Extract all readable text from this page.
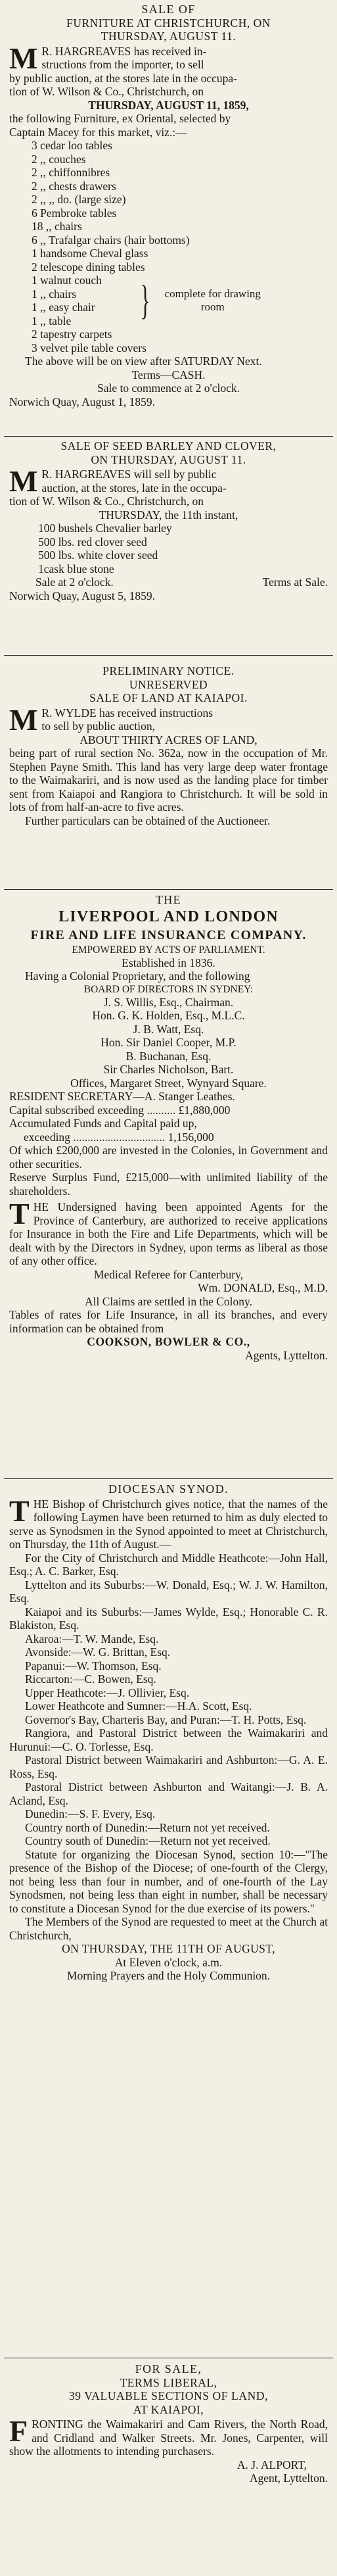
SALE OF

FURNITURE AT CHRISTCHURCH, ON

THURSDAY, AUGUST 11.

M R. HARGREAVES has received in-

structions from the importer, to sell

by public auction, at the stores late in the occupa-

tion of W. Wilson & Co., Christchurch, on

THURSDAY, AUGUST 11, 1859,

the following Furniture, ex Oriental, selected by

Captain Macey for this market, viz.:—

3 cedar loo tables

2 ,, couches

2 ,, chiffonnibres

2 ,, chests drawers

2 ,, ,, do. (large size)

6 Pembroke tables

18 ,, chairs

6 ,, Trafalgar chairs (hair bottoms)

1 handsome Cheval glass

2 telescope dining tables

1 walnut couch

1 ,, chairs

1 ,, easy chair

1 ,, table	}	complete for drawing room

2 tapestry carpets

3 velvet pile table covers

The above will be on view after SATURDAY Next.

Terms—CASH.

Sale to commence at 2 o'clock.

Norwich Quay, August 1, 1859.

SALE OF SEED BARLEY AND CLOVER,

ON THURSDAY, AUGUST 11.

M R. HARGREAVES will sell by public

auction, at the stores, late in the occupa-

tion of W. Wilson & Co., Christchurch, on

THURSDAY, the 11th instant,

100 bushels Chevalier barley

500 lbs. red clover seed

500 lbs. white clover seed

1cask blue stone

Sale at 2 o'clock.	Terms at Sale.

Norwich Quay, August 5, 1859.

PRELIMINARY NOTICE.

UNRESERVED

SALE OF LAND AT KAIAPOI.

M R. WYLDE has received instructions

to sell by public auction,

ABOUT THIRTY ACRES OF LAND,

being part of rural section No. 362a, now in the occupation of Mr. Stephen Payne Smith. This land has very large deep water frontage to the Waimakariri, and is now used as the landing place for timber sent from Kaiapoi and Rangiora to Christchurch. It will be sold in lots of from half-an-acre to five acres.

Further particulars can be obtained of the Auctioneer.

THE

LIVERPOOL AND LONDON

FIRE AND LIFE INSURANCE COMPANY.

EMPOWERED BY ACTS OF PARLIAMENT.

Established in 1836.

Having a Colonial Proprietary, and the following

BOARD OF DIRECTORS IN SYDNEY:

J. S. Willis, Esq., Chairman.

Hon. G. K. Holden, Esq., M.L.C.

J. B. Watt, Esq.

Hon. Sir Daniel Cooper, M.P.

B. Buchanan, Esq.

Sir Charles Nicholson, Bart.

Offices, Margaret Street, Wynyard Square.

RESIDENT SECRETARY—A. Stanger Leathes.

Capital subscribed exceeding .......... £1,880,000

Accumulated Funds and Capital paid up,

exceeding ................................ 1,156,000

Of which £200,000 are invested in the Colonies, in Government and other securities.

Reserve Surplus Fund, £215,000—with unlimited liability of the shareholders.

T HE Undersigned having been appointed Agents for the Province of Canterbury, are authorized to receive applications for Insurance in both the Fire and Life Departments, which will be dealt with by the Directors in Sydney, upon terms as liberal as those of any other office.

Medical Referee for Canterbury,

Wm. DONALD, Esq., M.D.

All Claims are settled in the Colony.

Tables of rates for Life Insurance, in all its branches, and every information can be obtained from

COOKSON, BOWLER & CO.,

Agents, Lyttelton.

DIOCESAN SYNOD.

T HE Bishop of Christchurch gives notice, that the names of the following Laymen have been returned to him as duly elected to serve as Synodsmen in the Synod appointed to meet at Christchurch, on Thursday, the 11th of August.—

For the City of Christchurch and Middle Heathcote:—John Hall, Esq.; A. C. Barker, Esq.

Lyttelton and its Suburbs:—W. Donald, Esq.; W. J. W. Hamilton, Esq.

Kaiapoi and its Suburbs:—James Wylde, Esq.; Honorable C. R. Blakiston, Esq.

Akaroa:—T. W. Mande, Esq.

Avonside:—W. G. Brittan, Esq.

Papanui:—W. Thomson, Esq.

Riccarton:—C. Bowen, Esq.

Upper Heathcote:—J. Ollivier, Esq.

Lower Heathcote and Sumner:—H.A. Scott, Esq.

Governor's Bay, Charteris Bay, and Puran:—T. H. Potts, Esq.

Rangiora, and Pastoral District between the Waimakariri and Hurunui:—C. O. Torlesse, Esq.

Pastoral District between Waimakariri and Ashburton:—G. A. E. Ross, Esq.

Pastoral District between Ashburton and Waitangi:—J. B. A. Acland, Esq.

Dunedin:—S. F. Every, Esq.

Country north of Dunedin:—Return not yet received.

Country south of Dunedin:—Return not yet received.

Statute for organizing the Diocesan Synod, section 10:—"The presence of the Bishop of the Diocese; of one-fourth of the Clergy, not being less than four in number, and of one-fourth of the Lay Synodsmen, not being less than eight in number, shall be necessary to constitute a Diocesan Synod for the due exercise of its powers."

The Members of the Synod are requested to meet at the Church at Christchurch,

ON THURSDAY, THE 11TH OF AUGUST,

At Eleven o'clock, a.m.

Morning Prayers and the Holy Communion.

FOR SALE,

TERMS LIBERAL,

39 VALUABLE SECTIONS OF LAND,

AT KAIAPOI,

F RONTING the Waimakariri and Cam Rivers, the North Road, and Cridland and Walker Streets. Mr. Jones, Carpenter, will show the allotments to intending purchasers.

A. J. ALPORT,

Agent, Lyttelton.
